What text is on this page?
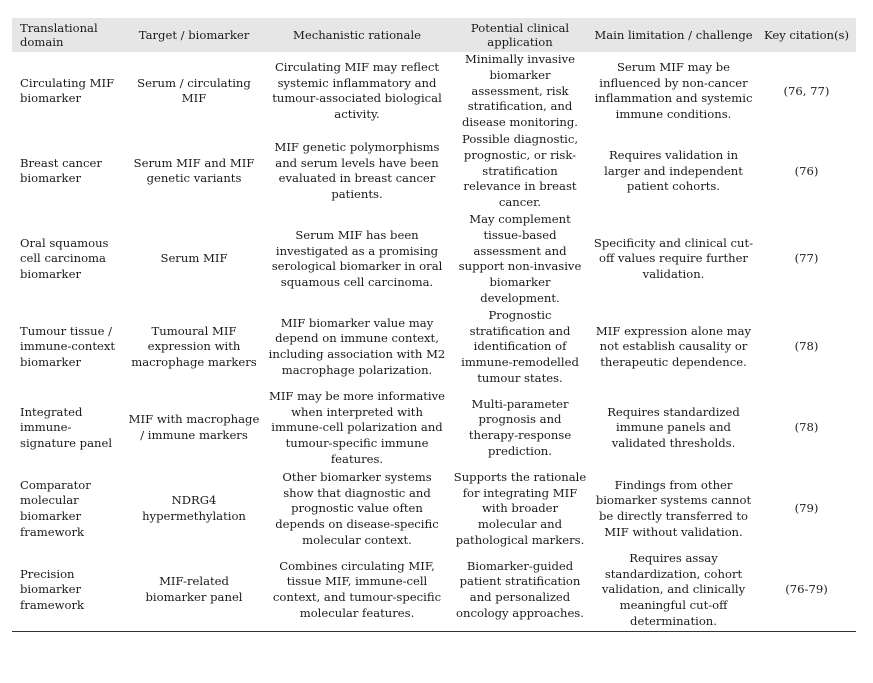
Translational domain	Target / biomarker	Mechanistic rationale	Potential clinical application	Main limitation / challenge	Key citation(s)
Circulating MIF biomarker	Serum / circulating MIF	Circulating MIF may reflect systemic inflammatory and tumour-associated biological activity.	Minimally invasive biomarker assessment, risk stratification, and disease monitoring.	Serum MIF may be influenced by non-cancer inflammation and systemic immune conditions.	(76, 77)
Breast cancer biomarker	Serum MIF and MIF genetic variants	MIF genetic polymorphisms and serum levels have been evaluated in breast cancer patients.	Possible diagnostic, prognostic, or risk-stratification relevance in breast cancer.	Requires validation in larger and independent patient cohorts.	(76)
Oral squamous cell carcinoma biomarker	Serum MIF	Serum MIF has been investigated as a promising serological biomarker in oral squamous cell carcinoma.	May complement tissue-based assessment and support non-invasive biomarker development.	Specificity and clinical cut-off values require further validation.	(77)
Tumour tissue / immune-context biomarker	Tumoural MIF expression with macrophage markers	MIF biomarker value may depend on immune context, including association with M2 macrophage polarization.	Prognostic stratification and identification of immune-remodelled tumour states.	MIF expression alone may not establish causality or therapeutic dependence.	(78)
Integrated immune-signature panel	MIF with macrophage / immune markers	MIF may be more informative when interpreted with immune-cell polarization and tumour-specific immune features.	Multi-parameter prognosis and therapy-response prediction.	Requires standardized immune panels and validated thresholds.	(78)
Comparator molecular biomarker framework	NDRG4 hypermethylation	Other biomarker systems show that diagnostic and prognostic value often depends on disease-specific molecular context.	Supports the rationale for integrating MIF with broader molecular and pathological markers.	Findings from other biomarker systems cannot be directly transferred to MIF without validation.	(79)
Precision biomarker framework	MIF-related biomarker panel	Combines circulating MIF, tissue MIF, immune-cell context, and tumour-specific molecular features.	Biomarker-guided patient stratification and personalized oncology approaches.	Requires assay standardization, cohort validation, and clinically meaningful cut-off determination.	(76-79)
